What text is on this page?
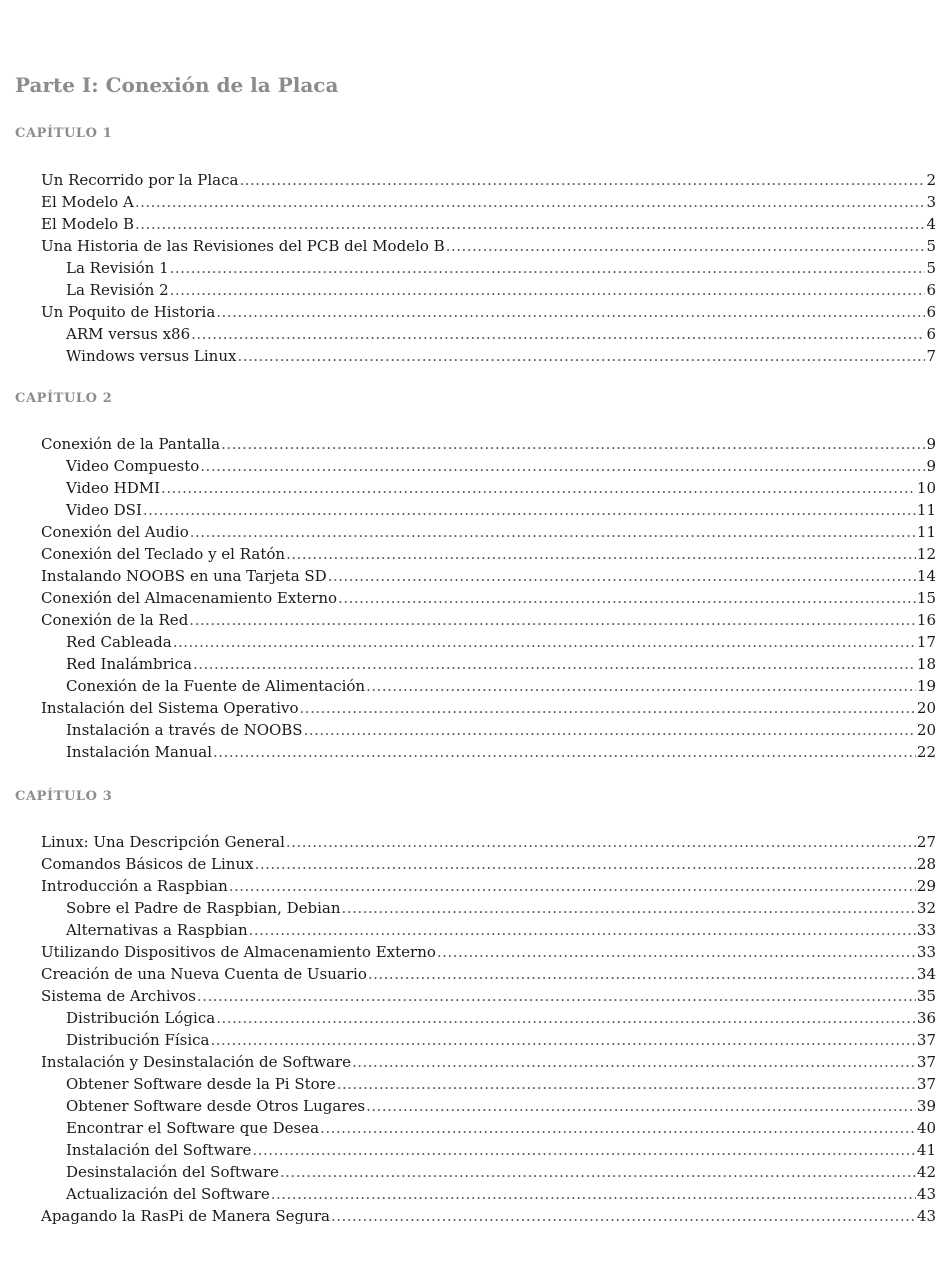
Parte I: Conexión de la Placa
CAPÍTULO 1
Un Recorrido por la Placa .....	2
El Modelo A .....	3
El Modelo B .....	4
Una Historia de las Revisiones del PCB del Modelo B .....	5
La Revisión 1 .....	5
La Revisión 2 .....	6
Un Poquito de Historia .....	6
ARM versus x86 .....	6
Windows versus Linux .....	7
CAPÍTULO 2
Conexión de la Pantalla .....	9
Video Compuesto .....	9
Video HDMI .....	10
Video DSI .....	11
Conexión del Audio .....	11
Conexión del Teclado y el Ratón .....	12
Instalando NOOBS en una Tarjeta SD .....	14
Conexión del Almacenamiento Externo .....	15
Conexión de la Red .....	16
Red Cableada .....	17
Red Inalámbrica .....	18
Conexión de la Fuente de Alimentación .....	19
Instalación del Sistema Operativo .....	20
Instalación a través de NOOBS .....	20
Instalación Manual .....	22
CAPÍTULO 3
Linux: Una Descripción General .....	27
Comandos Básicos de Linux .....	28
Introducción a Raspbian .....	29
Sobre el Padre de Raspbian, Debian .....	32
Alternativas a Raspbian .....	33
Utilizando Dispositivos de Almacenamiento Externo .....	33
Creación de una Nueva Cuenta de Usuario .....	34
Sistema de Archivos .....	35
Distribución Lógica .....	36
Distribución Física .....	37
Instalación y Desinstalación de Software .....	37
Obtener Software desde la Pi Store .....	37
Obtener Software desde Otros Lugares .....	39
Encontrar el Software que Desea .....	40
Instalación del Software .....	41
Desinstalación del Software .....	42
Actualización del Software .....	43
Apagando la RasPi de Manera Segura .....	43
